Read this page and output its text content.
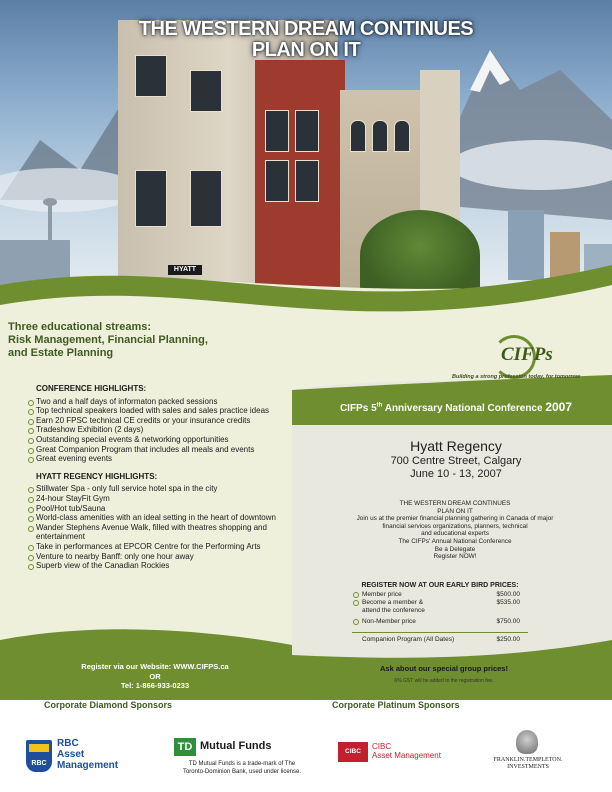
HYATT
THE WESTERN DREAM CONTINUES
PLAN ON IT
Three educational streams:
Risk Management, Financial Planning,
and Estate Planning	CIFPs
Building a strong profession today, for tomorrow
CONFERENCE HIGHLIGHTS:
Two and a half days of informaton packed sessions
Top technical speakers loaded with sales and sales practice ideas
Earn 20 FPSC technical CE credits or your insurance credits
Tradeshow Exhibition (2 days)
Outstanding special events & networking opportunities
Great Companion Program that includes all meals and events
Great evening events
HYATT REGENCY HIGHLIGHTS:
Stillwater Spa - only full service hotel spa in the city
24-hour StayFit Gym
Pool/Hot tub/Sauna
World-class amenities with an ideal setting in the heart of downtown
Wander Stephens Avenue Walk, filled with theatres shopping and entertainment
Take in performances at EPCOR Centre for the Performing Arts
Venture to nearby Banff: only one hour away
Superb view of the Canadian Rockies
CIFPs 5th Anniversary National Conference 2007
Hyatt Regency
700 Centre Street, Calgary
June 10 - 13, 2007
THE WESTERN DREAM CONTINUES
PLAN ON IT
Join us at the premier financial planning gathering in Canada of major
financial services organizations, planners, technical
and educational experts
The CIFPs' Annual National Conference
Be a Delegate
Register NOW!
REGISTER NOW AT OUR EARLY BIRD PRICES:
Member price	$500.00
Become a member &	$535.00
attend the conference
Non-Member price	$750.00
Companion Program (All Dates)	$250.00
Ask about our special group prices!
6% GST will be added to the registration fee.
Register via our Website: WWW.CIFPS.ca
OR
Tel: 1-866-933-0233
Corporate Diamond Sponsors	Corporate Platinum Sponsors
RBC
RBC
Asset
Management
TD Mutual Funds
TD Mutual Funds is a trade-mark of The
Toronto-Dominion Bank, used under license.
CIBC
CIBC
Asset Management	FRANKLIN.TEMPLETON.
INVESTMENTS
